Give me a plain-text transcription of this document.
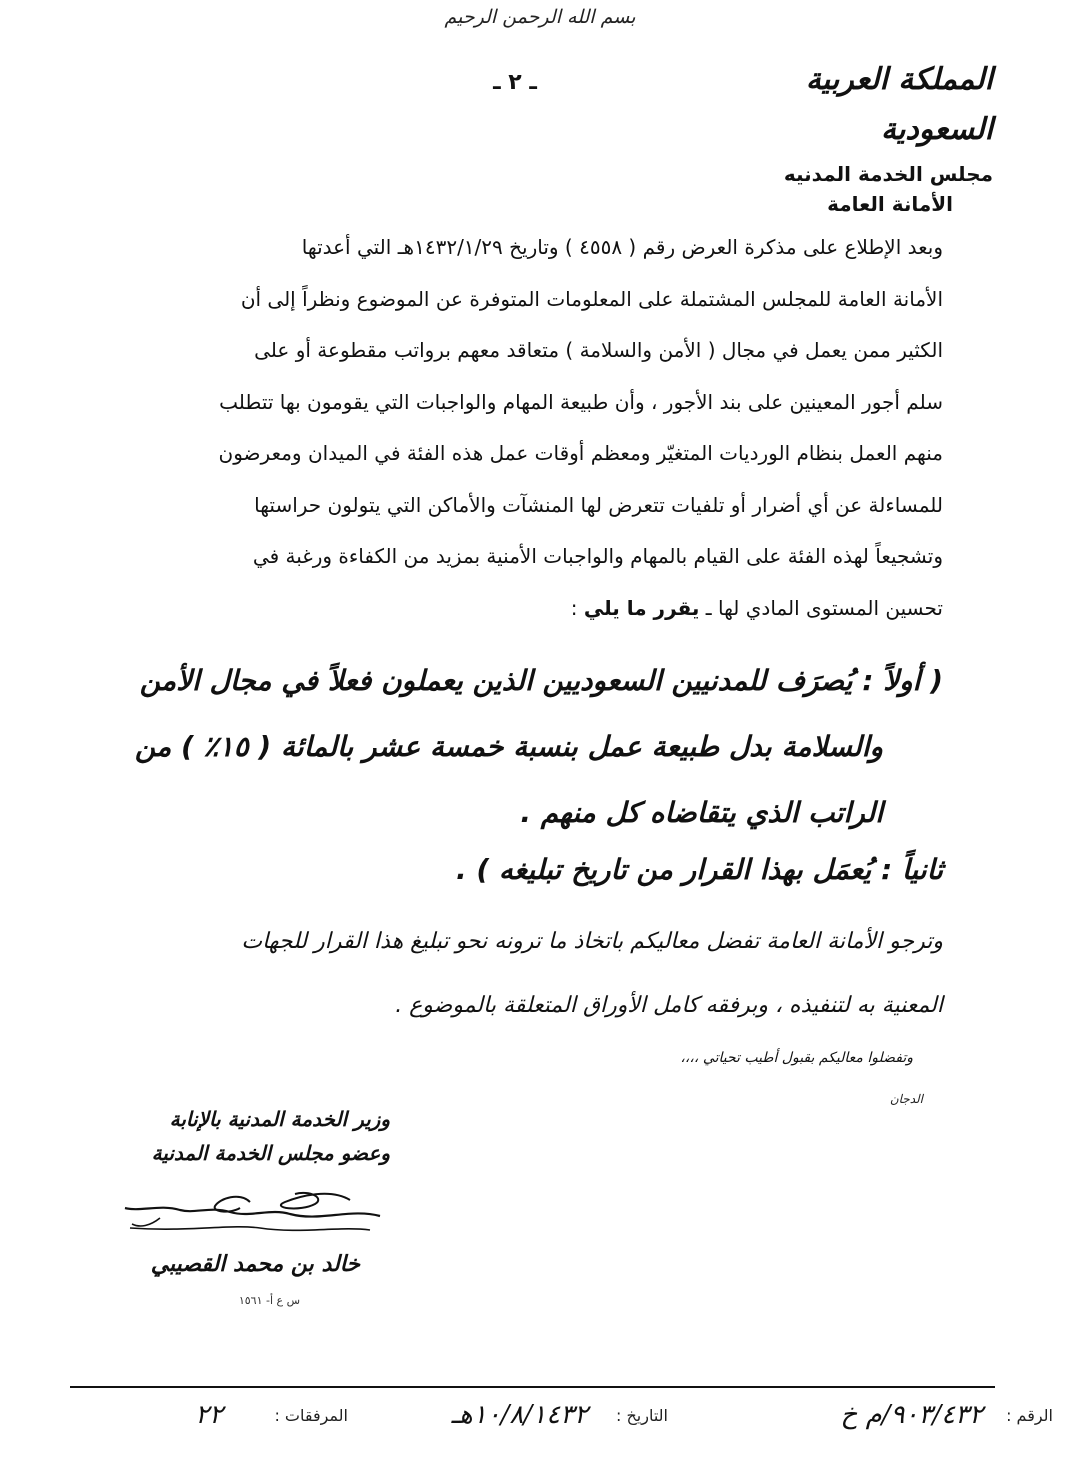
بسم الله الرحمن الرحيم
ـ ٢ ـ	المملكة العربية السعودية
مجلس الخدمة المدنيه
الأمانة العامة
وبعد الإطلاع على مذكرة العرض رقم ( ٤٥٥٨ ) وتاريخ ١٤٣٢/١/٢٩هـ التي أعدتها
الأمانة العامة للمجلس المشتملة على المعلومات المتوفرة عن الموضوع ونظراً إلى أن
الكثير ممن يعمل في مجال ( الأمن والسلامة ) متعاقد معهم برواتب مقطوعة أو على
سلم أجور المعينين على بند الأجور ، وأن طبيعة المهام والواجبات التي يقومون بها تتطلب
منهم العمل بنظام الورديات المتغيّر ومعظم أوقات عمل هذه الفئة في الميدان ومعرضون
للمساءلة عن أي أضرار أو تلفيات تتعرض لها المنشآت والأماكن التي يتولون حراستها
وتشجيعاً لهذه الفئة على القيام بالمهام والواجبات الأمنية بمزيد من الكفاءة ورغبة في
تحسين المستوى المادي لها ـ يقرر ما يلي :
( أولاً : يُصرَف للمدنيين السعوديين الذين يعملون فعلاً في مجال الأمن
والسلامة بدل طبيعة عمل بنسبة خمسة عشر بالمائة ( ١٥٪ ) من
الراتب الذي يتقاضاه كل منهم .
ثانياً : يُعمَل بهذا القرار من تاريخ تبليغه ) .
وترجو الأمانة العامة تفضل معاليكم باتخاذ ما ترونه نحو تبليغ هذا القرار للجهات
المعنية به لتنفيذه ، وبرفقه كامل الأوراق المتعلقة بالموضوع .
وتفضلوا معاليكم بقبول أطيب تحياتي ،،،،
الدجان
وزير الخدمة المدنية بالإنابة
وعضو مجلس الخدمة المدنية
خالد بن محمد القصيبي
س ع أ- ١٥٦١
الرقم :
٩٠٣/٤٣٢/م خ
التاريخ :
١٠/٨/١٤٣٢هـ
المرفقات :
٢٢
